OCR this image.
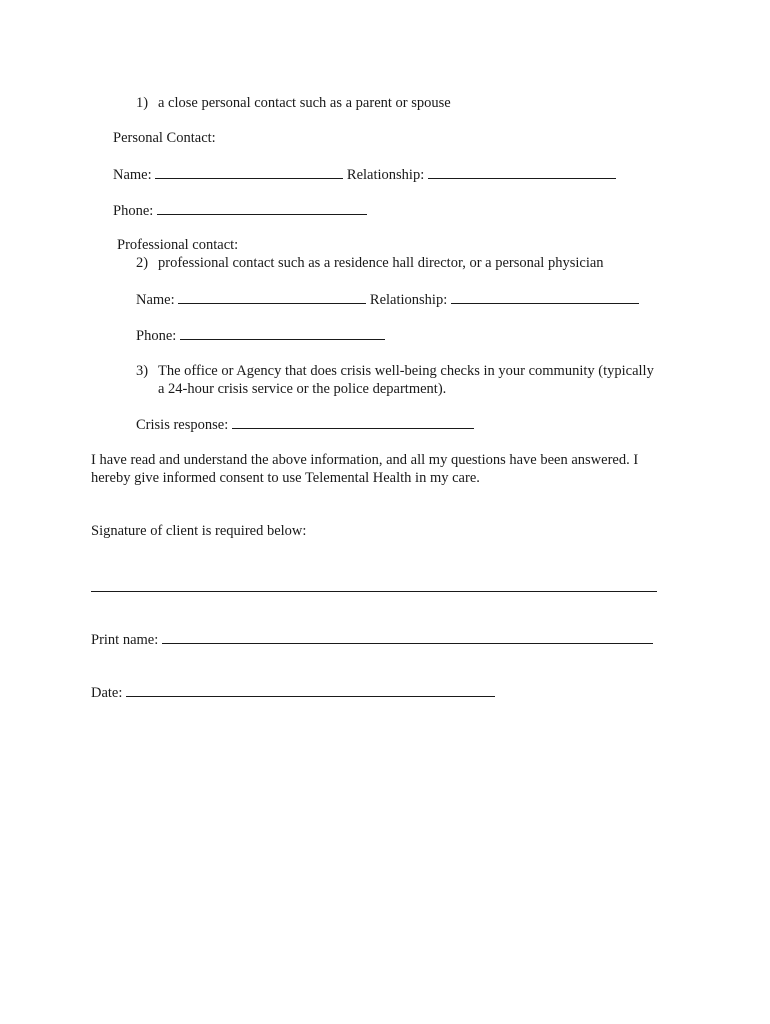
1) a close personal contact such as a parent or spouse
Personal Contact:
Name:	Relationship:
Phone:
Professional contact:
2) professional contact such as a residence hall director, or a personal physician
Name:	Relationship:
Phone:
3) The office or Agency that does crisis well-being checks in your community (typically
a 24-hour crisis service or the police department).
Crisis response:
I have read and understand the above information, and all my questions have been answered. I
hereby give informed consent to use Telemental Health in my care.
Signature of client is required below:
Print name:
Date:
